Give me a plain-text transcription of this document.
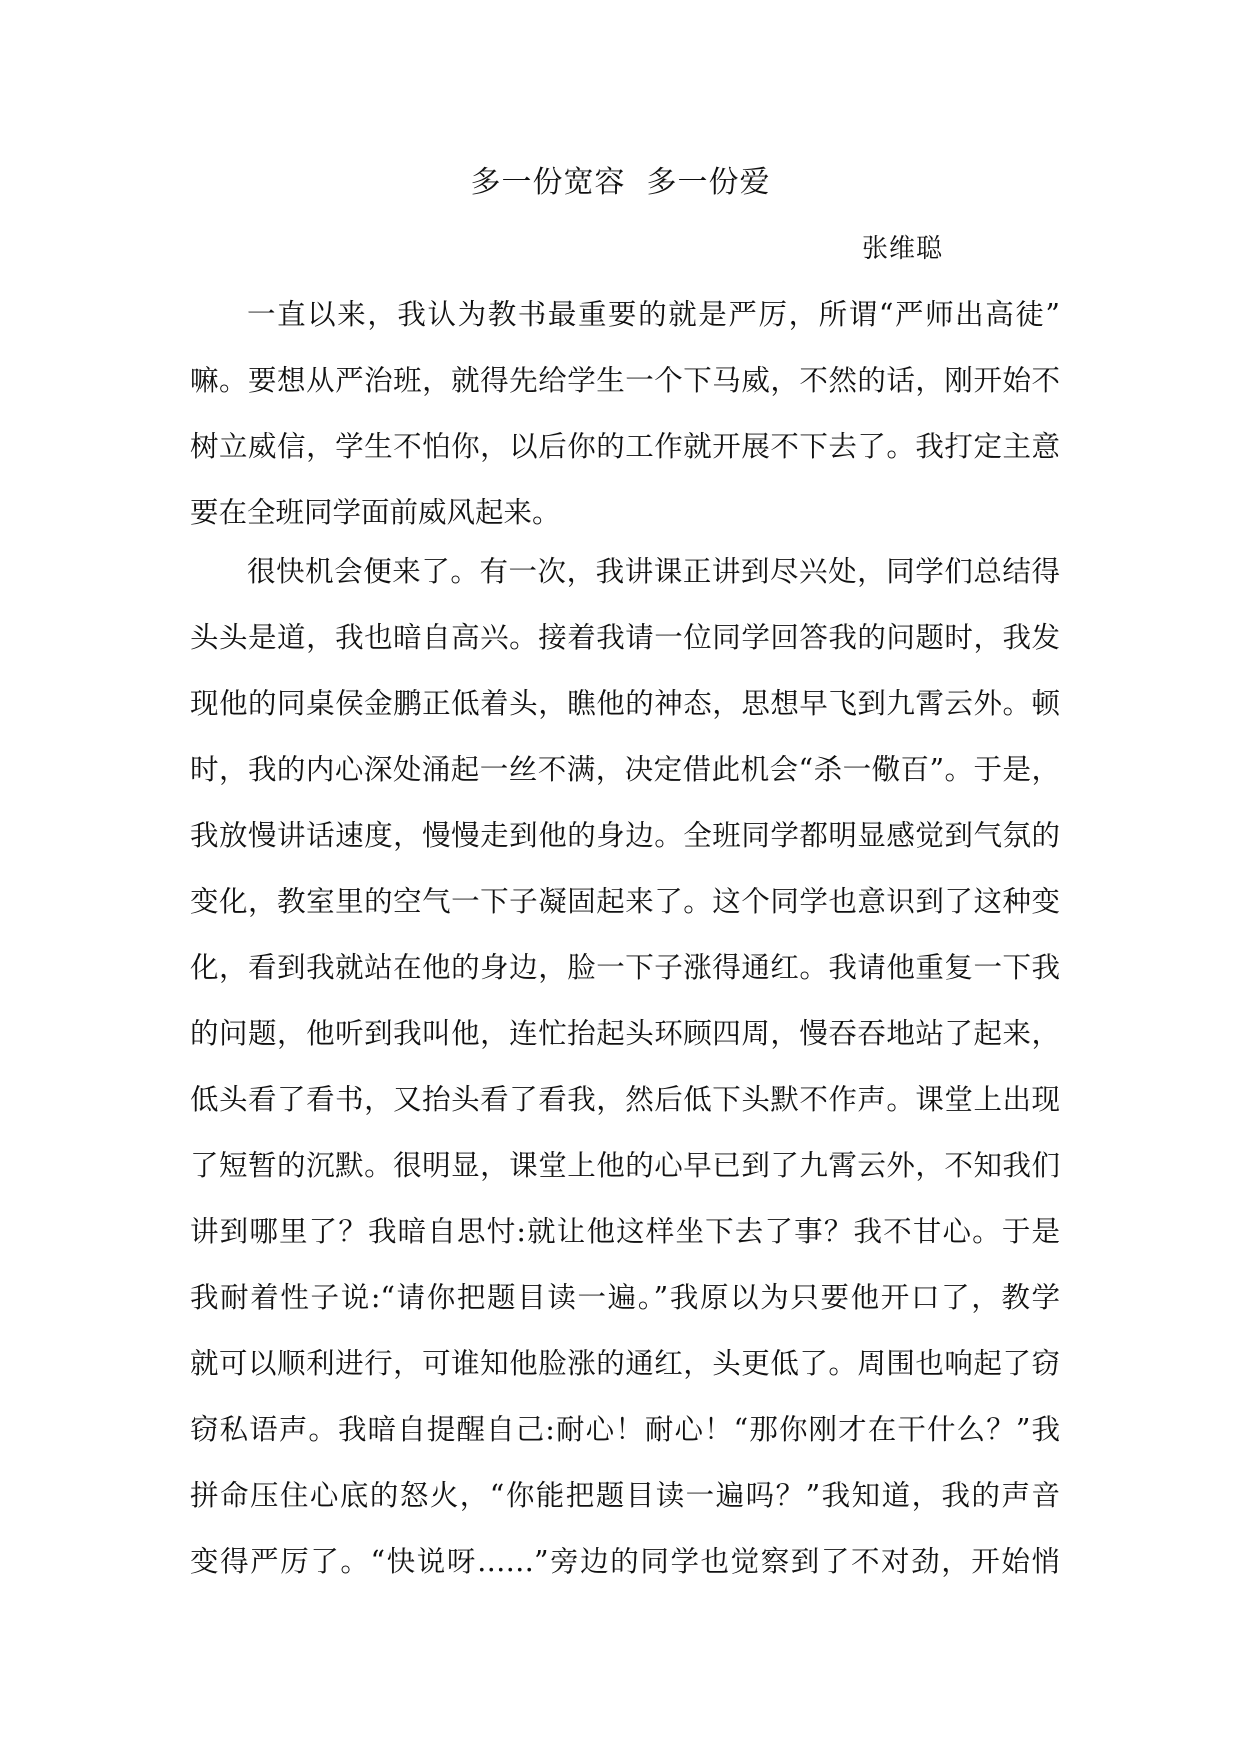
多一份宽容  多一份爱
张维聪
一直以来，我认为教书最重要的就是严厉，所谓“严师出高徒”
嘛。要想从严治班，就得先给学生一个下马威，不然的话，刚开始不
树立威信，学生不怕你，以后你的工作就开展不下去了。我打定主意
要在全班同学面前威风起来。
很快机会便来了。有一次，我讲课正讲到尽兴处，同学们总结得
头头是道，我也暗自高兴。接着我请一位同学回答我的问题时，我发
现他的同桌侯金鹏正低着头，瞧他的神态，思想早飞到九霄云外。顿
时，我的内心深处涌起一丝不满，决定借此机会“杀一儆百”。于是，
我放慢讲话速度，慢慢走到他的身边。全班同学都明显感觉到气氛的
变化，教室里的空气一下子凝固起来了。这个同学也意识到了这种变
化，看到我就站在他的身边，脸一下子涨得通红。我请他重复一下我
的问题，他听到我叫他，连忙抬起头环顾四周，慢吞吞地站了起来，
低头看了看书，又抬头看了看我，然后低下头默不作声。课堂上出现
了短暂的沉默。很明显，课堂上他的心早已到了九霄云外，不知我们
讲到哪里了？我暗自思忖:就让他这样坐下去了事？我不甘心。于是
我耐着性子说:“请你把题目读一遍。”我原以为只要他开口了，教学
就可以顺利进行，可谁知他脸涨的通红，头更低了。周围也响起了窃
窃私语声。我暗自提醒自己:耐心！耐心！“那你刚才在干什么？”我
拼命压住心底的怒火，“你能把题目读一遍吗？”我知道，我的声音
变得严厉了。“快说呀……”旁边的同学也觉察到了不对劲，开始悄
